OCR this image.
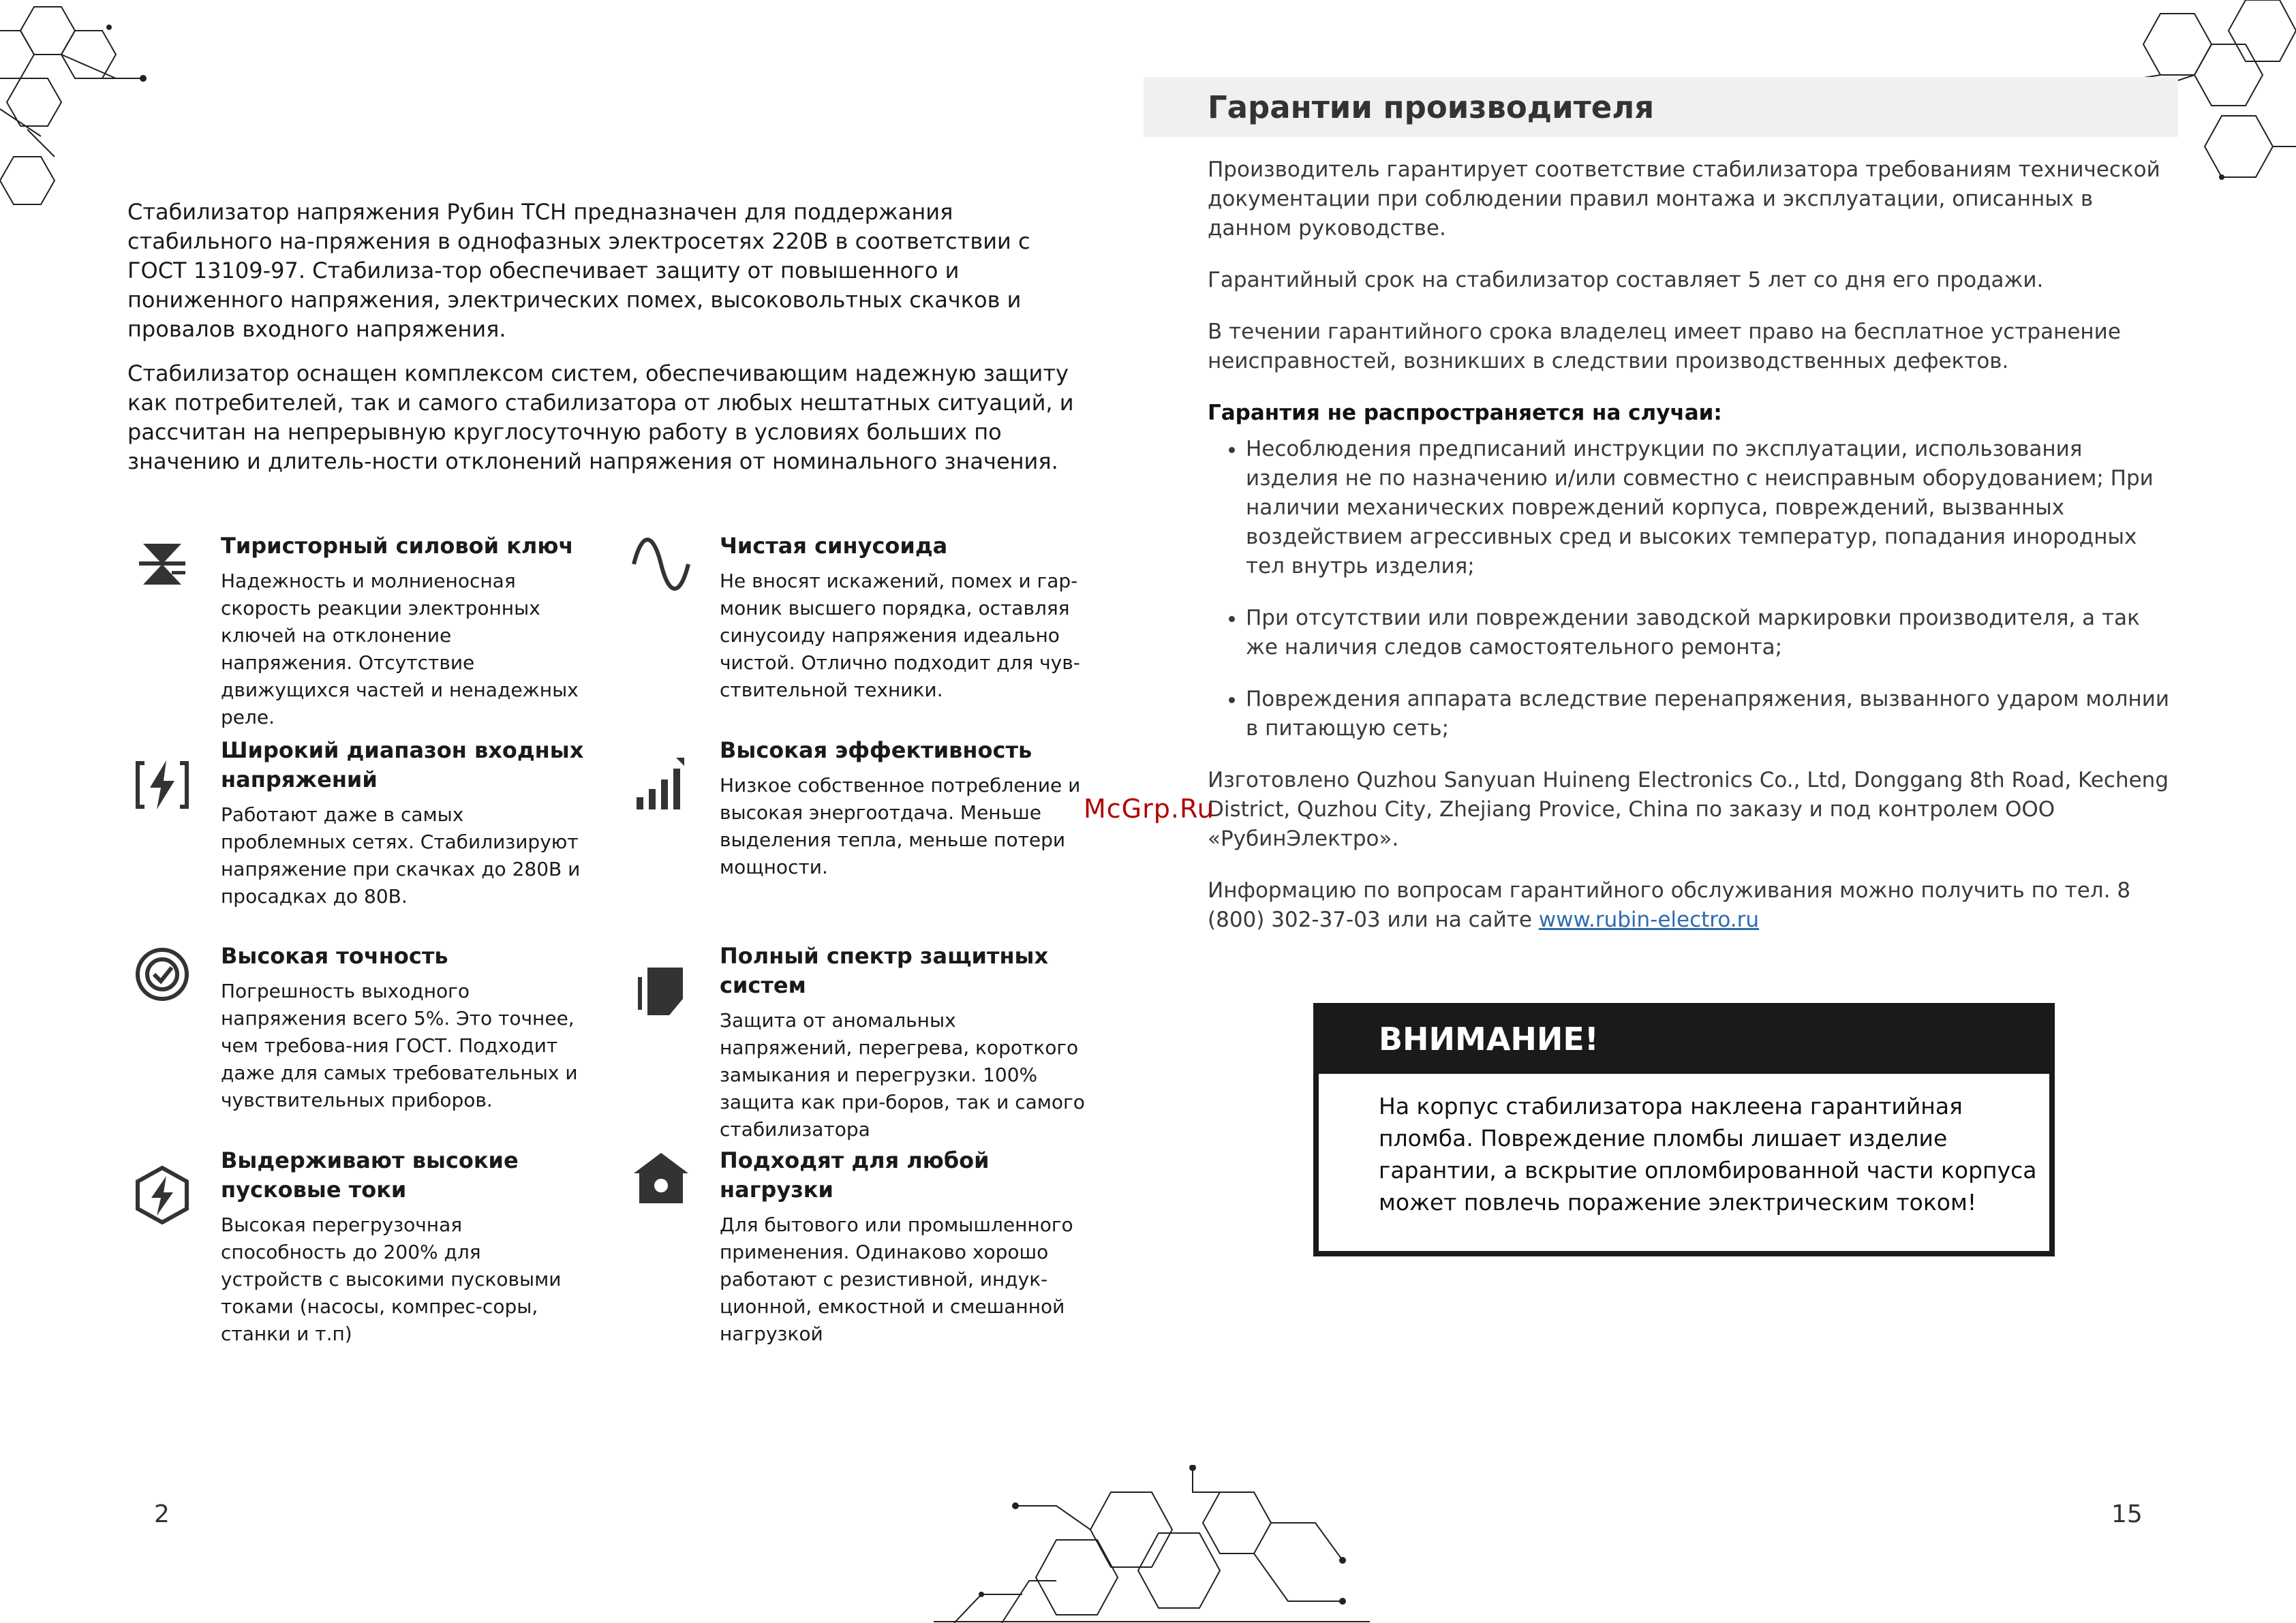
Стабилизатор напряжения Рубин ТСН предназначен для поддержания стабильного на-пряжения в однофазных электросетях 220В в соответствии с ГОСТ 13109-97. Стабилиза-тор обеспечивает защиту от повышенного и пониженного напряжения, электрических помех, высоковольтных скачков и провалов входного напряжения.

Стабилизатор оснащен комплексом систем, обеспечивающим надежную защиту как потребителей, так и самого стабилизатора от любых нештатных ситуаций, и рассчитан на непрерывную круглосуточную работу в условиях больших по значению и длитель-ности отклонений напряжения от номинального значения.

Тиристорный силовой ключ

Надежность и молниеносная скорость реакции электронных ключей на отклонение напряжения. Отсутствие движущихся частей и ненадежных реле.

Чистая синусоида

Не вносят искажений, помех и гар-моник высшего порядка, оставляя синусоиду напряжения идеально чистой. Отлично подходит для чув-ствительной техники.

Широкий диапазон входных напряжений

Работают даже в самых проблемных сетях. Стабилизируют напряжение при скачках до 280В и просадках до 80В.

Высокая эффективность

Низкое собственное потребление и высокая энергоотдача. Меньше выделения тепла, меньше потери мощности.

Высокая точность

Погрешность выходного напряжения всего 5%. Это точнее, чем требова-ния ГОСТ. Подходит даже для самых требовательных и чувствительных приборов.

Полный спектр защитных систем

Защита от аномальных напряжений, перегрева, короткого замыкания и перегрузки. 100% защита как при-боров, так и самого стабилизатора

Выдерживают высокие пусковые токи

Высокая перегрузочная способность до 200% для устройств с высокими пусковыми токами (насосы, компрес-соры, станки и т.п)

Подходят для любой нагрузки

Для бытового или промышленного применения. Одинаково хорошо работают с резистивной, индук-ционной, емкостной и смешанной нагрузкой

2
Гарантии производителя

Производитель гарантирует соответствие стабилизатора требованиям технической документации при соблюдении правил монтажа и эксплуатации, описанных в данном руководстве.

Гарантийный срок на стабилизатор составляет 5 лет со дня его продажи.

В течении гарантийного срока владелец имеет право на бесплатное устранение неисправностей, возникших в следствии производственных дефектов.

Гарантия не распространяется на случаи:

• Несоблюдения предписаний инструкции по эксплуатации, использования изделия не по назначению и/или совместно с неисправным оборудованием; При наличии механических повреждений корпуса, повреждений, вызванных воздействием агрессивных сред и высоких температур, попадания инородных тел внутрь изделия;
• При отсутствии или повреждении заводской маркировки производителя, а так же наличия следов самостоятельного ремонта;
• Повреждения аппарата вследствие перенапряжения, вызванного ударом молнии в питающую сеть;

Изготовлено Quzhou Sanyuan Huineng Electronics Co., Ltd, Donggang 8th Road, Kecheng District, Quzhou City, Zhejiang Provice, China по заказу и под контролем ООО «РубинЭлектро».

Информацию по вопросам гарантийного обслуживания можно получить по тел. 8 (800) 302-37-03 или на сайте www.rubin-electro.ru

McGrp.Ru
ВНИМАНИЕ!
На корпус стабилизатора наклеена гарантийная пломба. Повреждение пломбы лишает изделие гарантии, а вскрытие опломбированной части корпуса может повлечь поражение электрическим током!
15
